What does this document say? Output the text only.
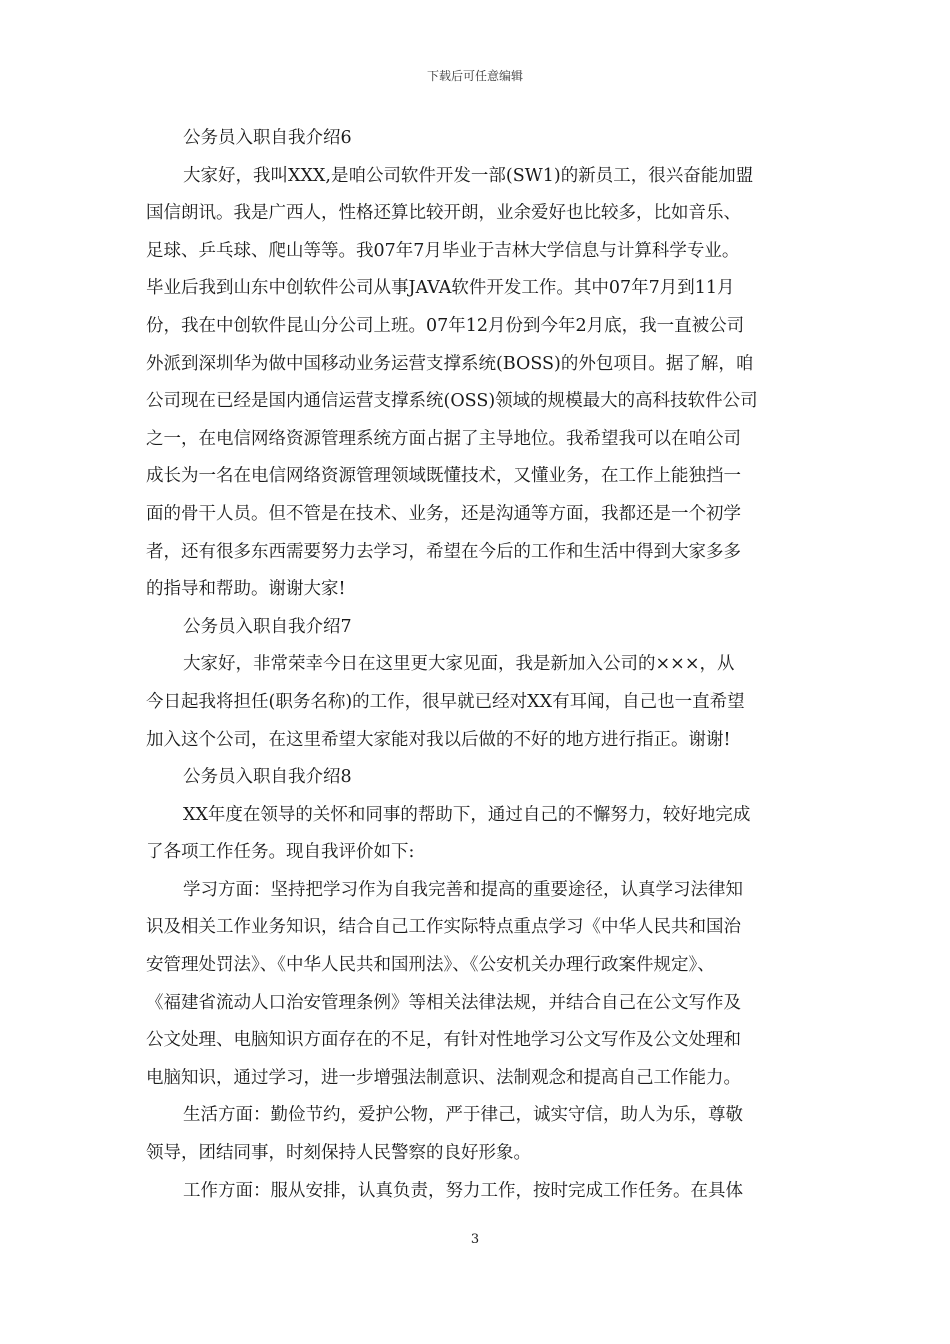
下载后可任意编辑
公务员入职自我介绍6
大家好，我叫XXX,是咱公司软件开发一部(SW1)的新员工，很兴奋能加盟
国信朗讯。我是广西人，性格还算比较开朗，业余爱好也比较多，比如音乐、
足球、乒乓球、爬山等等。我07年7月毕业于吉林大学信息与计算科学专业。
毕业后我到山东中创软件公司从事JAVA软件开发工作。其中07年7月到11月
份，我在中创软件昆山分公司上班。07年12月份到今年2月底，我一直被公司
外派到深圳华为做中国移动业务运营支撑系统(BOSS)的外包项目。据了解，咱
公司现在已经是国内通信运营支撑系统(OSS)领域的规模最大的高科技软件公司
之一，在电信网络资源管理系统方面占据了主导地位。我希望我可以在咱公司
成长为一名在电信网络资源管理领域既懂技术，又懂业务，在工作上能独挡一
面的骨干人员。但不管是在技术、业务，还是沟通等方面，我都还是一个初学
者，还有很多东西需要努力去学习，希望在今后的工作和生活中得到大家多多
的指导和帮助。谢谢大家!
公务员入职自我介绍7
大家好，非常荣幸今日在这里更大家见面，我是新加入公司的×××，从
今日起我将担任(职务名称)的工作，很早就已经对XX有耳闻，自己也一直希望
加入这个公司，在这里希望大家能对我以后做的不好的地方进行指正。谢谢!
公务员入职自我介绍8
XX年度在领导的关怀和同事的帮助下，通过自己的不懈努力，较好地完成
了各项工作任务。现自我评价如下:
学习方面：坚持把学习作为自我完善和提高的重要途径，认真学习法律知
识及相关工作业务知识，结合自己工作实际特点重点学习《中华人民共和国治
安管理处罚法》、《中华人民共和国刑法》、《公安机关办理行政案件规定》、
《福建省流动人口治安管理条例》等相关法律法规，并结合自己在公文写作及
公文处理、电脑知识方面存在的不足，有针对性地学习公文写作及公文处理和
电脑知识，通过学习，进一步增强法制意识、法制观念和提高自己工作能力。
生活方面：勤俭节约，爱护公物，严于律己，诚实守信，助人为乐，尊敬
领导，团结同事，时刻保持人民警察的良好形象。
工作方面：服从安排，认真负责，努力工作，按时完成工作任务。在具体
3
